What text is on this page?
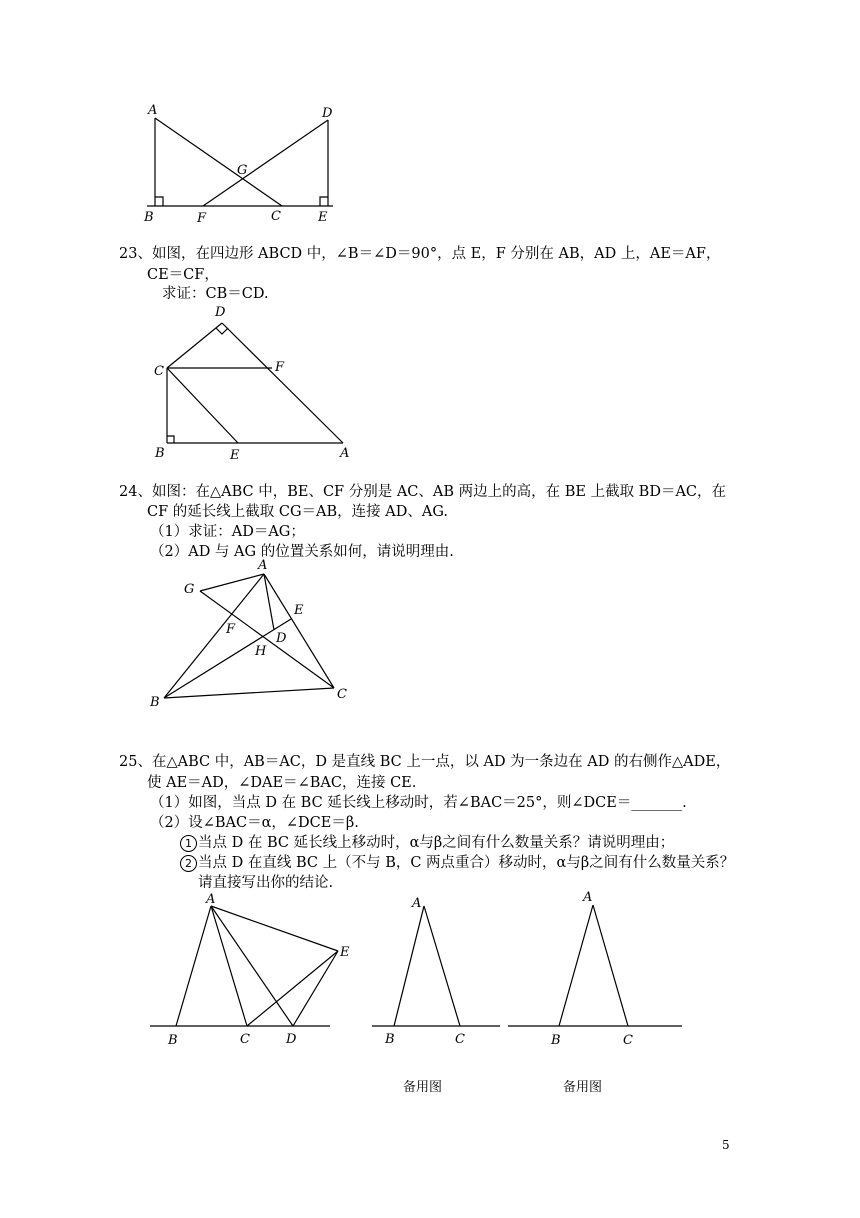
A	D
G
B	F	C	E
23、如图，在四边形 ABCD 中，∠B＝∠D＝90°，点 E，F 分别在 AB，AD 上，AE＝AF，
CE＝CF，
求证：CB＝CD.
D
C	F
B	E	A
24、如图：在△ABC 中，BE、CF 分别是 AC、AB 两边上的高，在 BE 上截取 BD＝AC，在
CF 的延长线上截取 CG＝AB，连接 AD、AG.
（1）求证：AD＝AG；
（2）AD 与 AG 的位置关系如何，请说明理由.
A
G
E
F
D
H
B
C
25、在△ABC 中，AB＝AC，D 是直线 BC 上一点，以 AD 为一条边在 AD 的右侧作△ADE，
使 AE＝AD，∠DAE＝∠BAC，连接 CE.
（1）如图，当点 D 在 BC 延长线上移动时，若∠BAC＝25°，则∠DCE＝_______.
（2）设∠BAC＝α，∠DCE＝β.
1 当点 D 在 BC 延长线上移动时，α与β之间有什么数量关系？请说明理由；
2 当点 D 在直线 BC 上（不与 B，C 两点重合）移动时，α与β之间有什么数量关系？
请直接写出你的结论.
A
E
B	C	D
A
B	C
备用图
A
B	C
备用图
5
